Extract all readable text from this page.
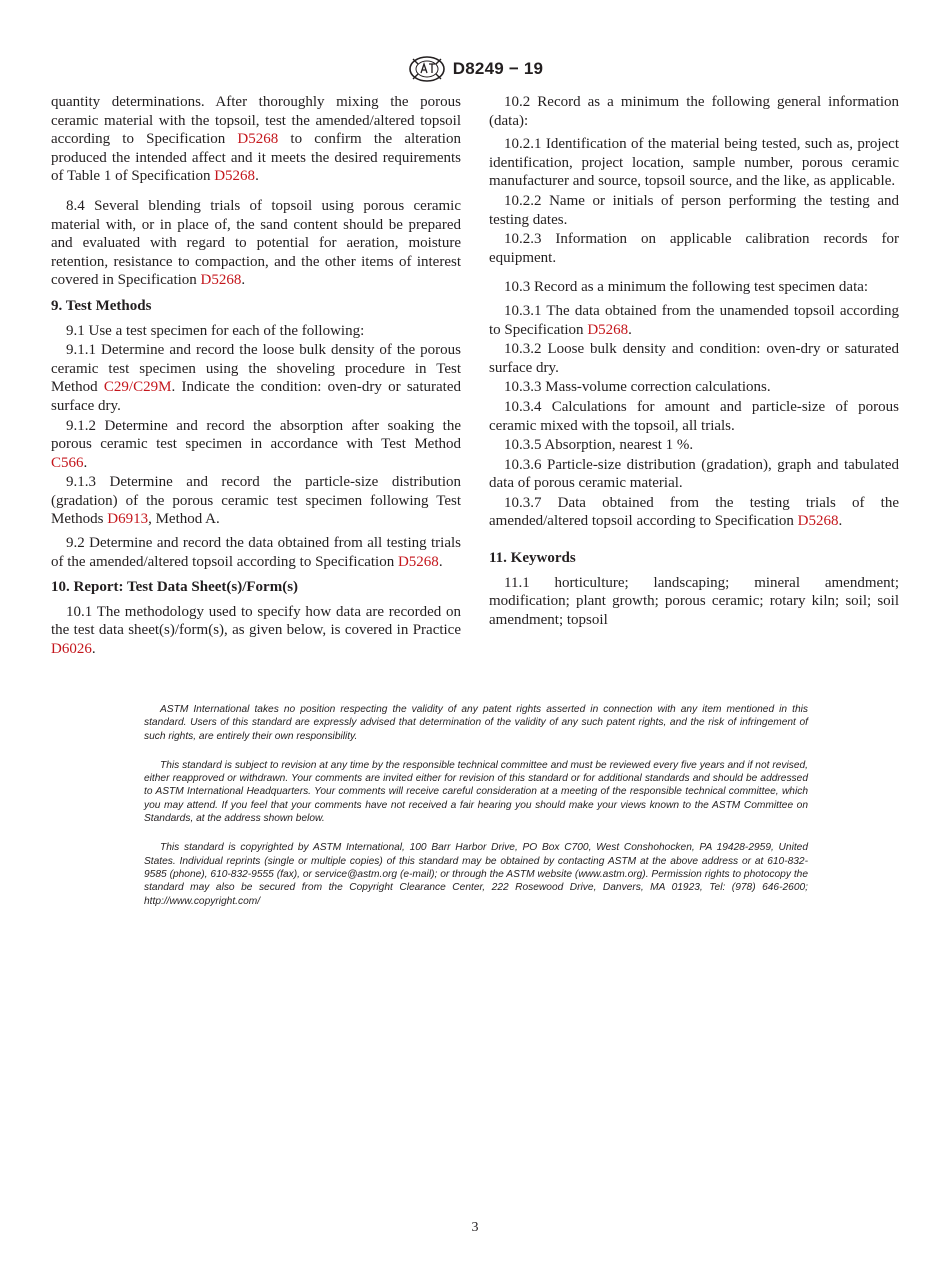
D8249 − 19

quantity determinations. After thoroughly mixing the porous ceramic material with the topsoil, test the amended/altered topsoil according to Specification D5268 to confirm the alteration produced the intended affect and it meets the desired requirements of Table 1 of Specification D5268.

8.4 Several blending trials of topsoil using porous ceramic material with, or in place of, the sand content should be prepared and evaluated with regard to potential for aeration, moisture retention, resistance to compaction, and the other items of interest covered in Specification D5268.

9. Test Methods

9.1 Use a test specimen for each of the following:

9.1.1 Determine and record the loose bulk density of the porous ceramic test specimen using the shoveling procedure in Test Method C29/C29M. Indicate the condition: oven-dry or saturated surface dry.

9.1.2 Determine and record the absorption after soaking the porous ceramic test specimen in accordance with Test Method C566.

9.1.3 Determine and record the particle-size distribution (gradation) of the porous ceramic test specimen following Test Methods D6913, Method A.

9.2 Determine and record the data obtained from all testing trials of the amended/altered topsoil according to Specification D5268.

10. Report: Test Data Sheet(s)/Form(s)

10.1 The methodology used to specify how data are recorded on the test data sheet(s)/form(s), as given below, is covered in Practice D6026.

10.2 Record as a minimum the following general information (data):

10.2.1 Identification of the material being tested, such as, project identification, project location, sample number, porous ceramic manufacturer and source, topsoil source, and the like, as applicable.

10.2.2 Name or initials of person performing the testing and testing dates.

10.2.3 Information on applicable calibration records for equipment.

10.3 Record as a minimum the following test specimen data:

10.3.1 The data obtained from the unamended topsoil according to Specification D5268.

10.3.2 Loose bulk density and condition: oven-dry or saturated surface dry.

10.3.3 Mass-volume correction calculations.

10.3.4 Calculations for amount and particle-size of porous ceramic mixed with the topsoil, all trials.

10.3.5 Absorption, nearest 1 %.

10.3.6 Particle-size distribution (gradation), graph and tabulated data of porous ceramic material.

10.3.7 Data obtained from the testing trials of the amended/altered topsoil according to Specification D5268.

11. Keywords

11.1 horticulture; landscaping; mineral amendment; modification; plant growth; porous ceramic; rotary kiln; soil; soil amendment; topsoil

ASTM International takes no position respecting the validity of any patent rights asserted in connection with any item mentioned in this standard. Users of this standard are expressly advised that determination of the validity of any such patent rights, and the risk of infringement of such rights, are entirely their own responsibility.

This standard is subject to revision at any time by the responsible technical committee and must be reviewed every five years and if not revised, either reapproved or withdrawn. Your comments are invited either for revision of this standard or for additional standards and should be addressed to ASTM International Headquarters. Your comments will receive careful consideration at a meeting of the responsible technical committee, which you may attend. If you feel that your comments have not received a fair hearing you should make your views known to the ASTM Committee on Standards, at the address shown below.

This standard is copyrighted by ASTM International, 100 Barr Harbor Drive, PO Box C700, West Conshohocken, PA 19428-2959, United States. Individual reprints (single or multiple copies) of this standard may be obtained by contacting ASTM at the above address or at 610-832-9585 (phone), 610-832-9555 (fax), or service@astm.org (e-mail); or through the ASTM website (www.astm.org). Permission rights to photocopy the standard may also be secured from the Copyright Clearance Center, 222 Rosewood Drive, Danvers, MA 01923, Tel: (978) 646-2600; http://www.copyright.com/

3
